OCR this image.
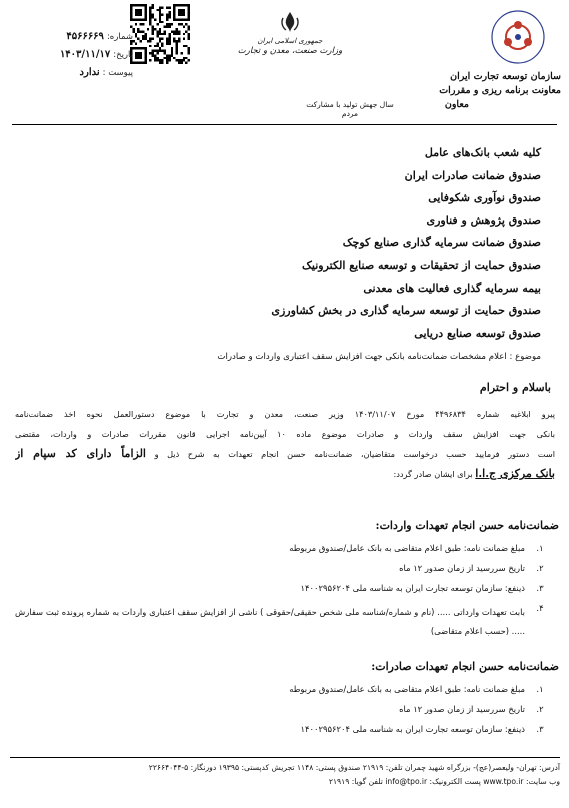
سازمان توسعه تجارت ایران
معاونت برنامه ریزی و مقررات
معاون
جمهوری اسلامی ایران
وزارت صنعت، معدن و تجارت
شماره:
۴۵۶۶۶۶۹
تاریخ:
۱۴۰۳/۱۱/۱۷
پیوست :
ندارد
سال جهش تولید با مشارکت مردم
کلیه شعب بانک‌های عامل
صندوق ضمانت صادرات ایران
صندوق نوآوری شکوفایی
صندوق پژوهش و فناوری
صندوق ضمانت سرمایه گذاری صنایع کوچک
صندوق حمایت از تحقیقات و توسعه صنایع الکترونیک
بیمه سرمایه گذاری فعالیت های معدنی
صندوق حمایت از توسعه سرمایه گذاری در بخش کشاورزی
صندوق توسعه صنایع دریایی
موضوع : اعلام مشخصات ضمانت‌نامه بانکی جهت افزایش سقف اعتباری واردات و صادرات
باسلام و احترام
پیرو ابلاغیه شماره ۴۴۹۶۸۳۴ مورخ ۱۴۰۳/۱۱/۰۷ وزیر صنعت، معدن و تجارت با موضوع دستورالعمل نحوه اخذ ضمانت‌نامه
بانکی جهت افزایش سقف واردات و صادرات موضوع ماده ۱۰ آیین‌نامه اجرایی قانون مقررات صادرات و واردات، مقتضی
است دستور فرمایید حسب درخواست متقاضیان، ضمانت‌نامه حسن انجام تعهدات به شرح ذیل و الزاماً دارای کد سپام از
بانک مرکزی ج.ا.ا برای ایشان صادر گردد:
ضمانت‌نامه حسن انجام تعهدات واردات:
۱.
مبلغ ضمانت نامه: طبق اعلام متقاضی به بانک عامل/صندوق مربوطه
۲.
تاریخ سررسید از زمان صدور ۱۲ ماه
۳.
ذینفع: سازمان توسعه تجارت ایران به شناسه ملی ۱۴۰۰۲۹۵۶۲۰۴
۴.
بابت تعهدات وارداتی ..... (نام و شماره/شناسه ملی شخص حقیقی/حقوقی ) ناشی از افزایش سقف اعتباری واردات به شماره پرونده ثبت سفارش ..... (حسب اعلام متقاضی)
ضمانت‌نامه حسن انجام تعهدات صادرات:
۱.
مبلغ ضمانت نامه: طبق اعلام متقاضی به بانک عامل/صندوق مربوطه
۲.
تاریخ سررسید از زمان صدور ۱۲ ماه
۳.
ذینفع: سازمان توسعه تجارت ایران به شناسه ملی ۱۴۰۰۲۹۵۶۲۰۴
آدرس: تهران- ولیعصر(عج)- بزرگراه شهید چمران تلفن: ۲۱۹۱۹ صندوق پستی: ۱۱۴۸ تجریش کدپستی: ۱۹۳۹۵ دورنگار: ۵-۲۲۶۶۴۰۴۴
وب سایت: www.tpo.ir پست الکترونیک: info@tpo.ir تلفن گویا: ۲۱۹۱۹
